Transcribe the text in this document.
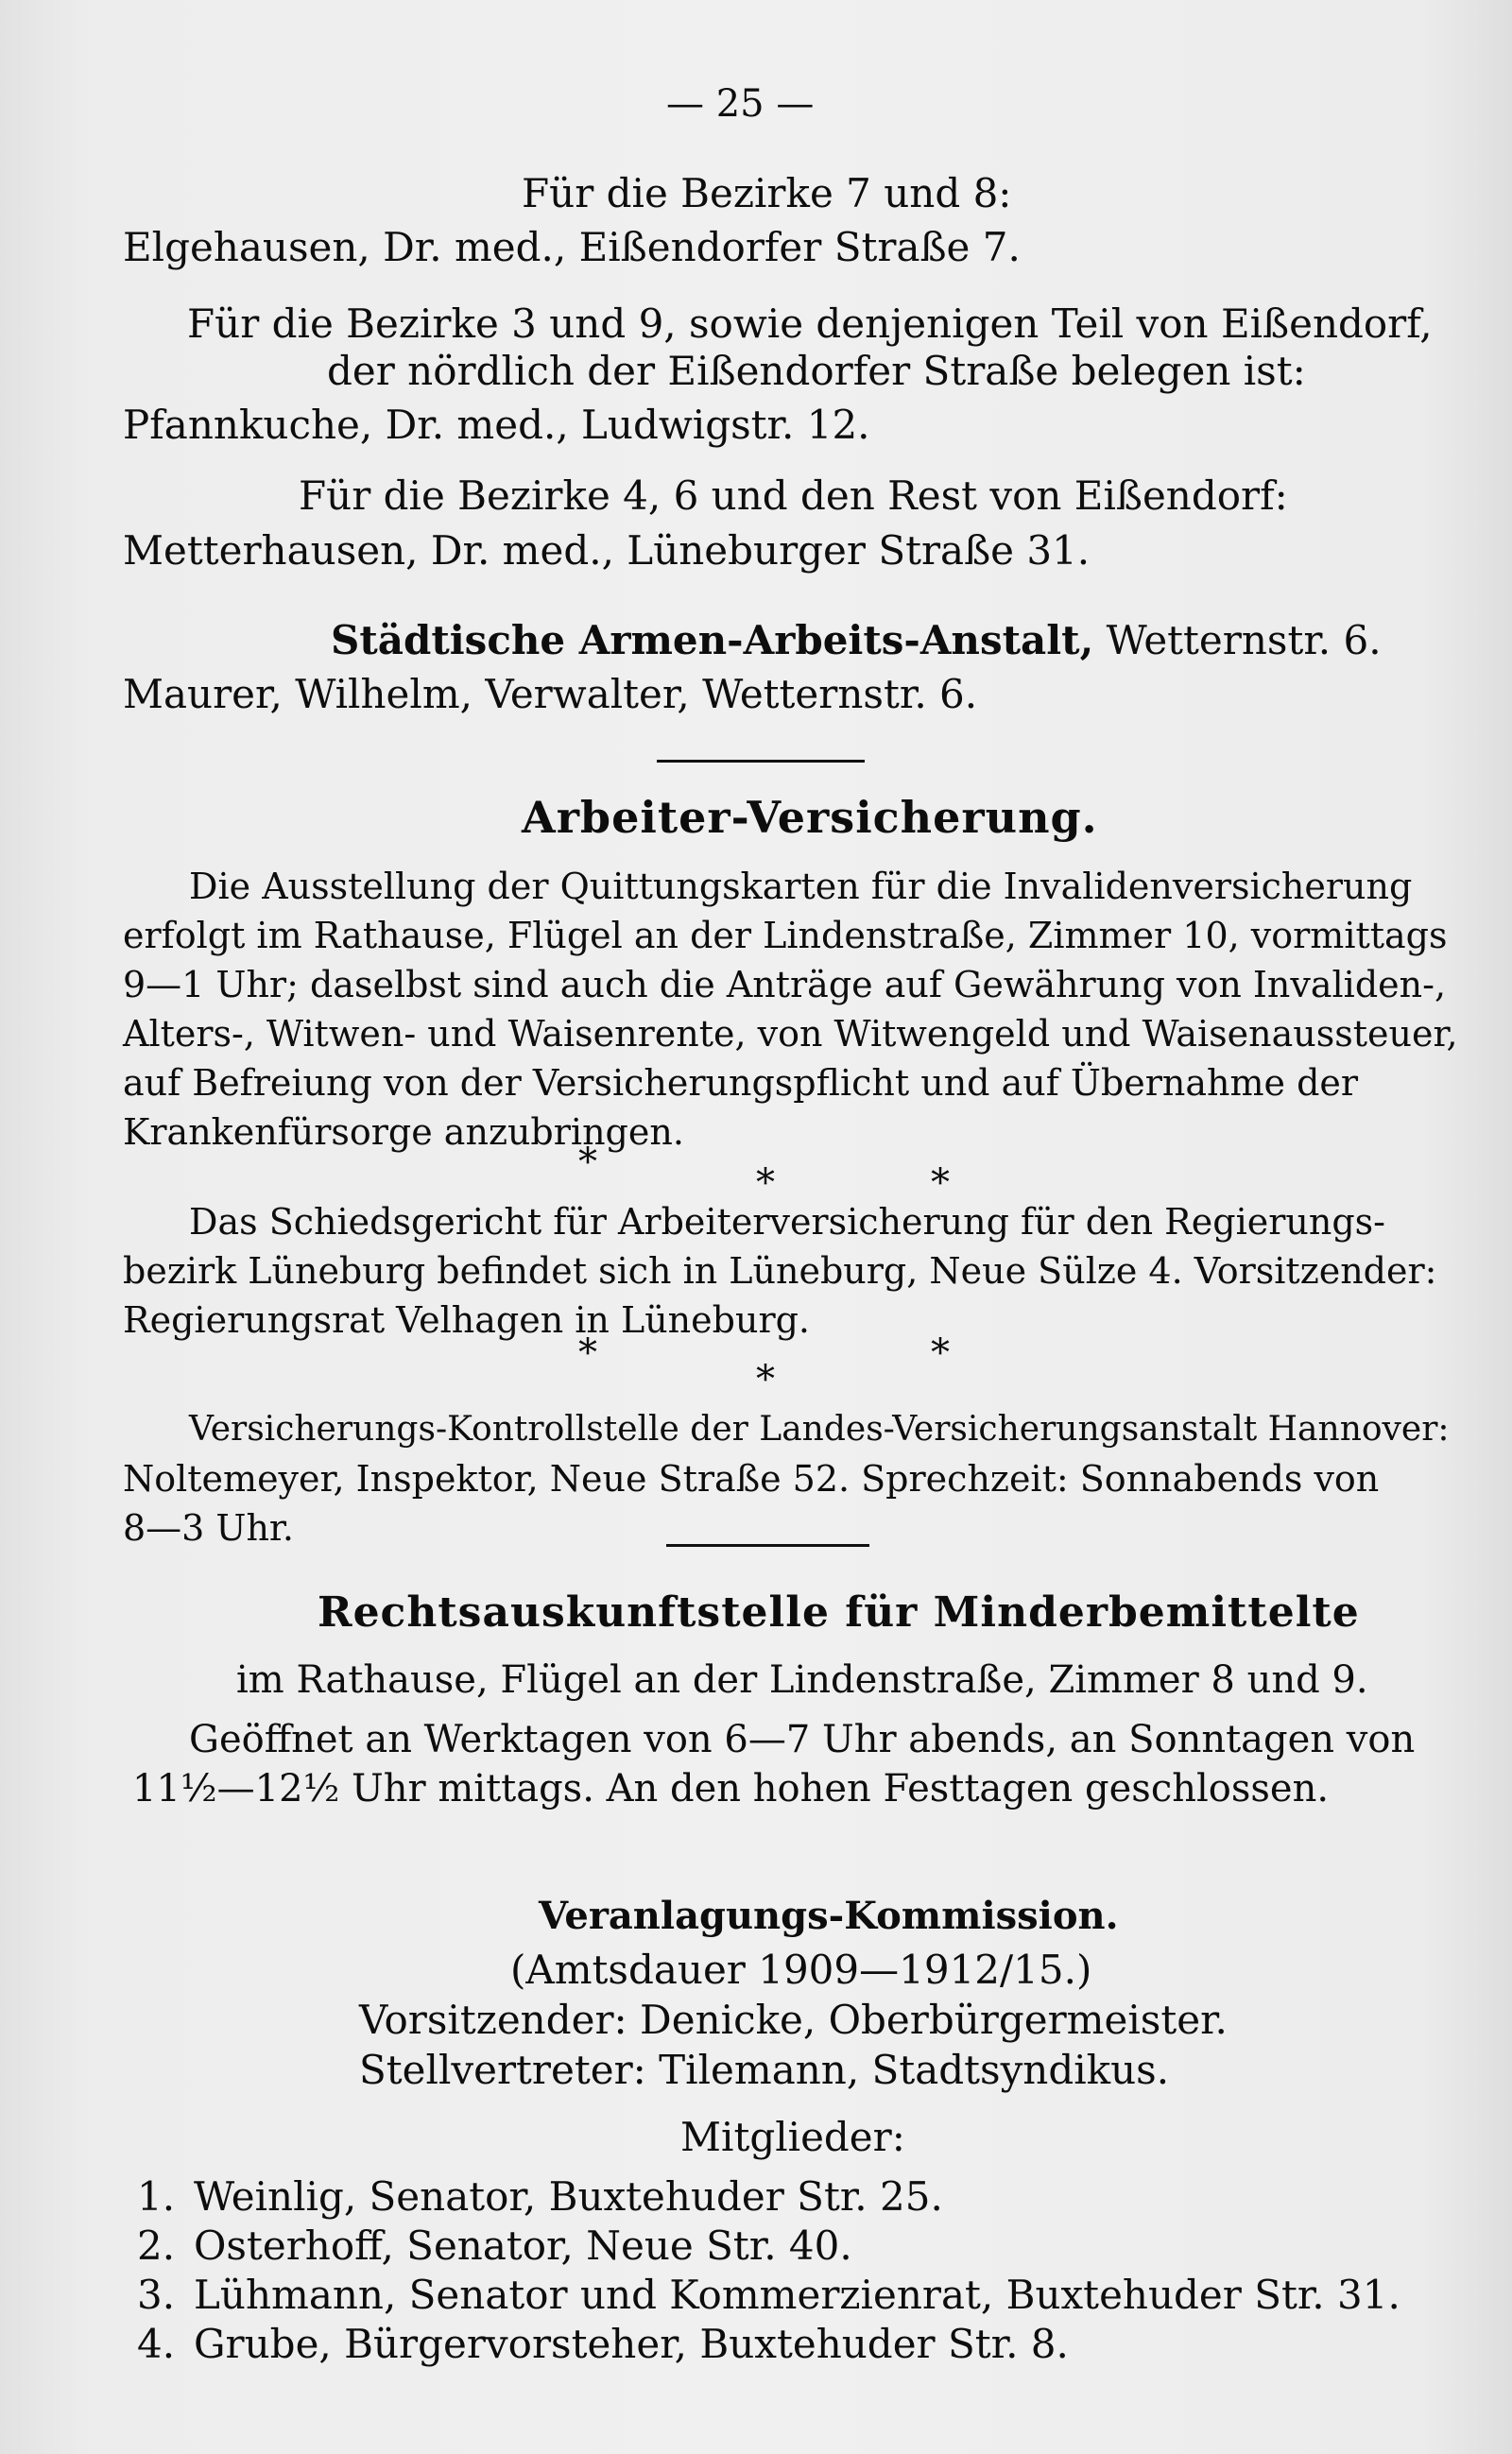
— 25 —
Für die Bezirke 7 und 8:
Elgehausen, Dr. med., Eißendorfer Straße 7.
Für die Bezirke 3 und 9, sowie denjenigen Teil von Eißendorf,
der nördlich der Eißendorfer Straße belegen ist:
Pfannkuche, Dr. med., Ludwigstr. 12.
Für die Bezirke 4, 6 und den Rest von Eißendorf:
Metterhausen, Dr. med., Lüneburger Straße 31.
Städtische Armen-Arbeits-Anstalt, Wetternstr. 6.
Maurer, Wilhelm, Verwalter, Wetternstr. 6.
Arbeiter-Versicherung.
Die Ausstellung der Quittungskarten für die Invalidenversicherung
erfolgt im Rathause, Flügel an der Lindenstraße, Zimmer 10, vormittags
9—1 Uhr; daselbst sind auch die Anträge auf Gewährung von Invaliden-,
Alters-, Witwen- und Waisenrente, von Witwengeld und Waisenaussteuer,
auf Befreiung von der Versicherungspflicht und auf Übernahme der
Krankenfürsorge anzubringen.
*	*	*
Das Schiedsgericht für Arbeiterversicherung für den Regierungs-
bezirk Lüneburg befindet sich in Lüneburg, Neue Sülze 4. Vorsitzender:
Regierungsrat Velhagen in Lüneburg.
*
*
*
Versicherungs-Kontrollstelle der Landes-Versicherungsanstalt Hannover:
Noltemeyer, Inspektor, Neue Straße 52. Sprechzeit: Sonnabends von
8—3 Uhr.
Rechtsauskunftstelle für Minderbemittelte
im Rathause, Flügel an der Lindenstraße, Zimmer 8 und 9.
Geöffnet an Werktagen von 6—7 Uhr abends, an Sonntagen von
11½—12½ Uhr mittags. An den hohen Festtagen geschlossen.
Veranlagungs-Kommission.
(Amtsdauer 1909—1912/15.)
Vorsitzender: Denicke, Oberbürgermeister.
Stellvertreter: Tilemann, Stadtsyndikus.
Mitglieder:
1. Weinlig, Senator, Buxtehuder Str. 25.
2. Osterhoff, Senator, Neue Str. 40.
3. Lühmann, Senator und Kommerzienrat, Buxtehuder Str. 31.
4. Grube, Bürgervorsteher, Buxtehuder Str. 8.
